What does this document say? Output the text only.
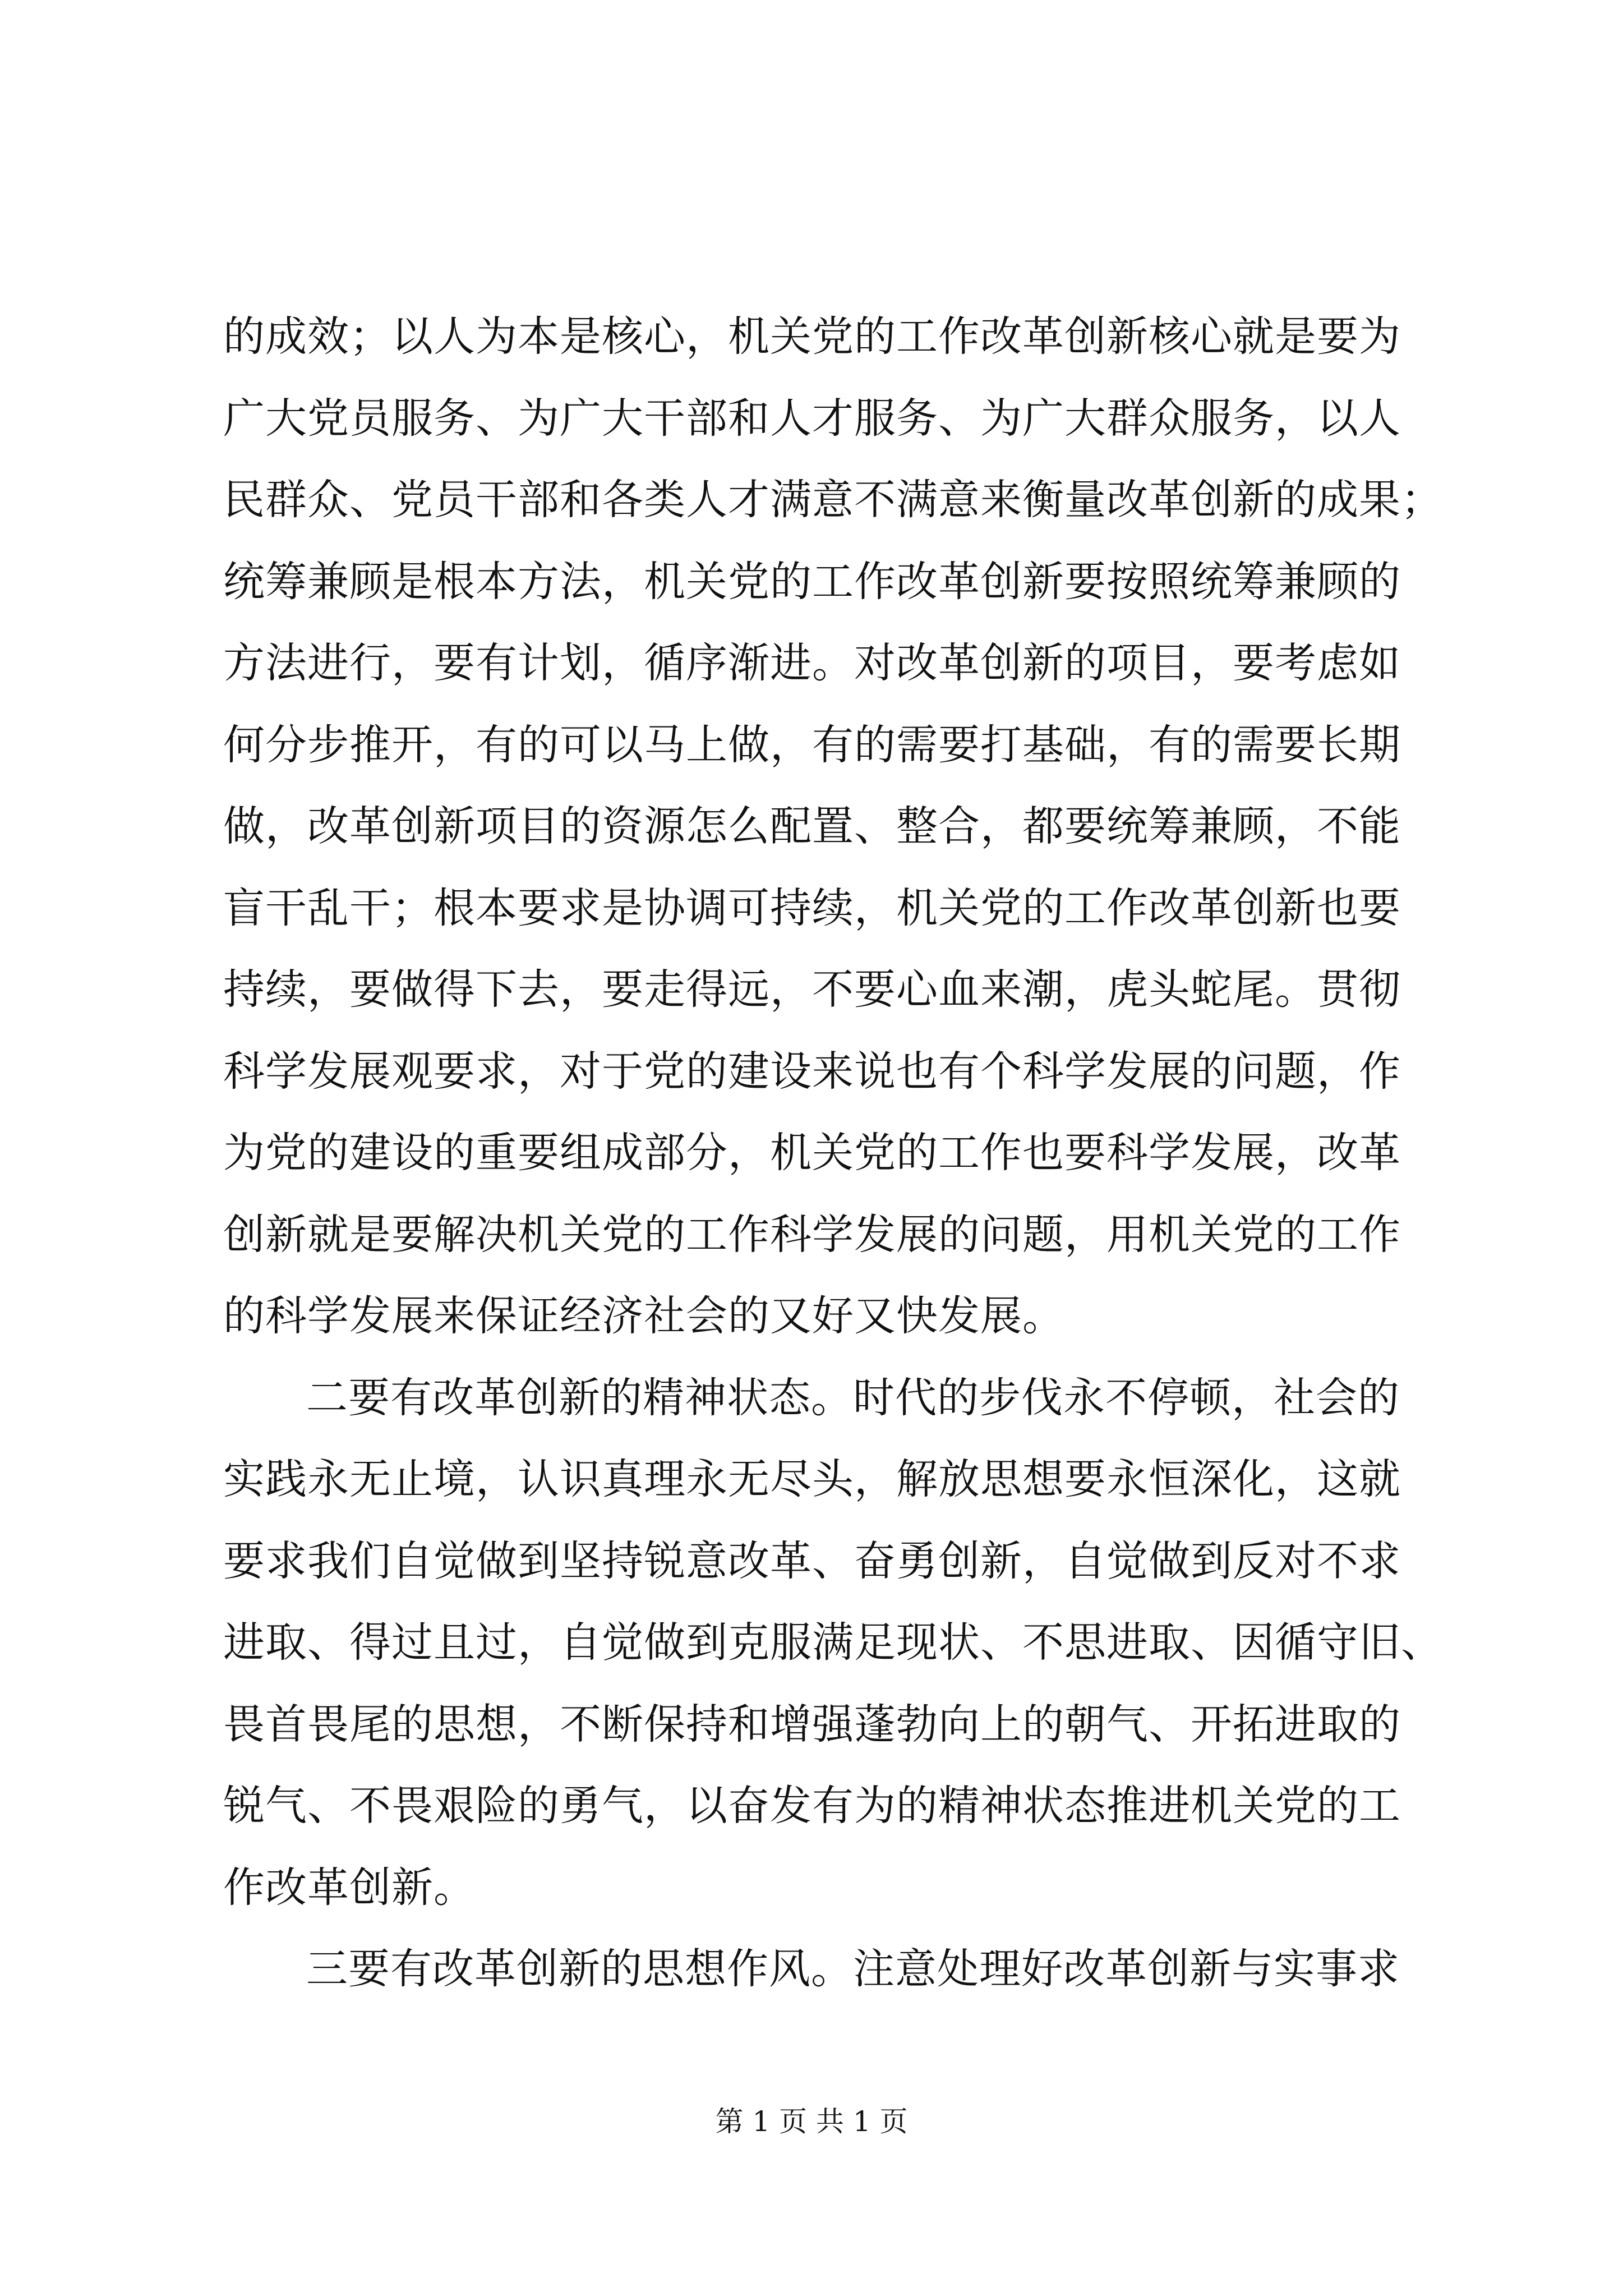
的成效；以人为本是核心，机关党的工作改革创新核心就是要为
广大党员服务、为广大干部和人才服务、为广大群众服务，以人
民群众、党员干部和各类人才满意不满意来衡量改革创新的成果；
统筹兼顾是根本方法，机关党的工作改革创新要按照统筹兼顾的
方法进行，要有计划，循序渐进。对改革创新的项目，要考虑如
何分步推开，有的可以马上做，有的需要打基础，有的需要长期
做，改革创新项目的资源怎么配置、整合，都要统筹兼顾，不能
盲干乱干；根本要求是协调可持续，机关党的工作改革创新也要
持续，要做得下去，要走得远，不要心血来潮，虎头蛇尾。贯彻
科学发展观要求，对于党的建设来说也有个科学发展的问题，作
为党的建设的重要组成部分，机关党的工作也要科学发展，改革
创新就是要解决机关党的工作科学发展的问题，用机关党的工作
的科学发展来保证经济社会的又好又快发展。
二要有改革创新的精神状态。时代的步伐永不停顿，社会的
实践永无止境，认识真理永无尽头，解放思想要永恒深化，这就
要求我们自觉做到坚持锐意改革、奋勇创新，自觉做到反对不求
进取、得过且过，自觉做到克服满足现状、不思进取、因循守旧、
畏首畏尾的思想，不断保持和增强蓬勃向上的朝气、开拓进取的
锐气、不畏艰险的勇气，以奋发有为的精神状态推进机关党的工
作改革创新。
三要有改革创新的思想作风。注意处理好改革创新与实事求
第 1 页 共 1 页
